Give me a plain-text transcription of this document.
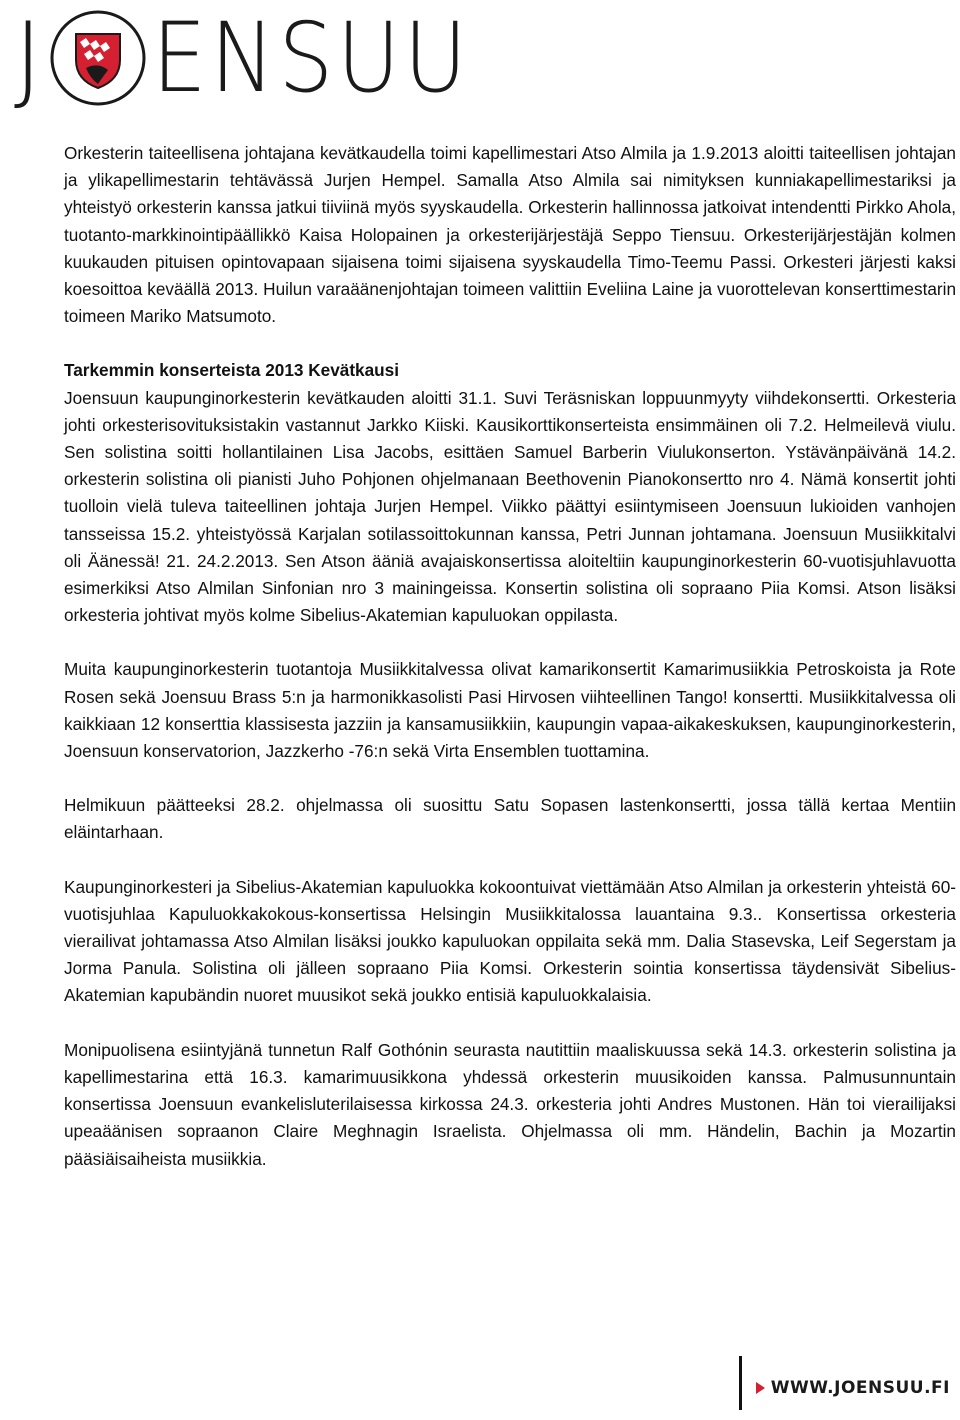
J ENSUU

Orkesterin taiteellisena johtajana kevätkaudella toimi kapellimestari Atso Almila ja 1.9.2013 aloitti taiteellisen johtajan ja ylikapellimestarin tehtävässä Jurjen Hempel. Samalla Atso Almila sai nimityksen kunniakapellimestariksi ja yhteistyö orkesterin kanssa jatkui tiiviinä myös syyskaudella. Orkesterin hallinnossa jatkoivat intendentti Pirkko Ahola, tuotanto-markkinointipäällikkö Kaisa Holopainen ja orkesterijärjestäjä Seppo Tiensuu. Orkesterijärjestäjän kolmen kuukauden pituisen opintovapaan sijaisena toimi sijaisena syyskaudella Timo-Teemu Passi. Orkesteri järjesti kaksi koesoittoa keväällä 2013. Huilun varaäänenjohtajan toimeen valittiin Eveliina Laine ja vuorottelevan konserttimestarin toimeen Mariko Matsumoto.

Tarkemmin konserteista 2013 Kevätkausi

Joensuun kaupunginorkesterin kevätkauden aloitti 31.1. Suvi Teräsniskan loppuunmyyty viihdekonsertti. Orkesteria johti orkesterisovituksistakin vastannut Jarkko Kiiski. Kausikorttikonserteista ensimmäinen oli 7.2. Helmeilevä viulu. Sen solistina soitti hollantilainen Lisa Jacobs, esittäen Samuel Barberin Viulukonserton. Ystävänpäivänä 14.2. orkesterin solistina oli pianisti Juho Pohjonen ohjelmanaan Beethovenin Pianokonsertto nro 4. Nämä konsertit johti tuolloin vielä tuleva taiteellinen johtaja Jurjen Hempel. Viikko päättyi esiintymiseen Joensuun lukioiden vanhojen tansseissa 15.2. yhteistyössä Karjalan sotilassoittokunnan kanssa, Petri Junnan johtamana. Joensuun Musiikkitalvi oli Äänessä! 21. 24.2.2013. Sen Atson ääniä avajaiskonsertissa aloiteltiin kaupunginorkesterin 60-vuotisjuhlavuotta esimerkiksi Atso Almilan Sinfonian nro 3 mainingeissa. Konsertin solistina oli sopraano Piia Komsi. Atson lisäksi orkesteria johtivat myös kolme Sibelius-Akatemian kapuluokan oppilasta.

Muita kaupunginorkesterin tuotantoja Musiikkitalvessa olivat kamarikonsertit Kamarimusiikkia Petroskoista ja Rote Rosen sekä Joensuu Brass 5:n ja harmonikkasolisti Pasi Hirvosen viihteellinen Tango! konsertti. Musiikkitalvessa oli kaikkiaan 12 konserttia klassisesta jazziin ja kansamusiikkiin, kaupungin vapaa-aikakeskuksen, kaupunginorkesterin, Joensuun konservatorion, Jazzkerho -76:n sekä Virta Ensemblen tuottamina.

Helmikuun päätteeksi 28.2. ohjelmassa oli suosittu Satu Sopasen lastenkonsertti, jossa tällä kertaa Mentiin eläintarhaan.

Kaupunginorkesteri ja Sibelius-Akatemian kapuluokka kokoontuivat viettämään Atso Almilan ja orkesterin yhteistä 60-vuotisjuhlaa Kapuluokkakokous-konsertissa Helsingin Musiikkitalossa lauantaina 9.3.. Konsertissa orkesteria vierailivat johtamassa Atso Almilan lisäksi joukko kapuluokan oppilaita sekä mm. Dalia Stasevska, Leif Segerstam ja Jorma Panula. Solistina oli jälleen sopraano Piia Komsi. Orkesterin sointia konsertissa täydensivät Sibelius-Akatemian kapubändin nuoret muusikot sekä joukko entisiä kapuluokkalaisia.

Monipuolisena esiintyjänä tunnetun Ralf Gothónin seurasta nautittiin maaliskuussa sekä 14.3. orkesterin solistina ja kapellimestarina että 16.3. kamarimuusikkona yhdessä orkesterin muusikoiden kanssa. Palmusunnuntain konsertissa Joensuun evankelisluterilaisessa kirkossa 24.3. orkesteria johti Andres Mustonen. Hän toi vierailijaksi upeaäänisen sopraanon Claire Meghnagin Israelista. Ohjelmassa oli mm. Händelin, Bachin ja Mozartin pääsiäisaiheista musiikkia.

WWW.JOENSUU.FI
